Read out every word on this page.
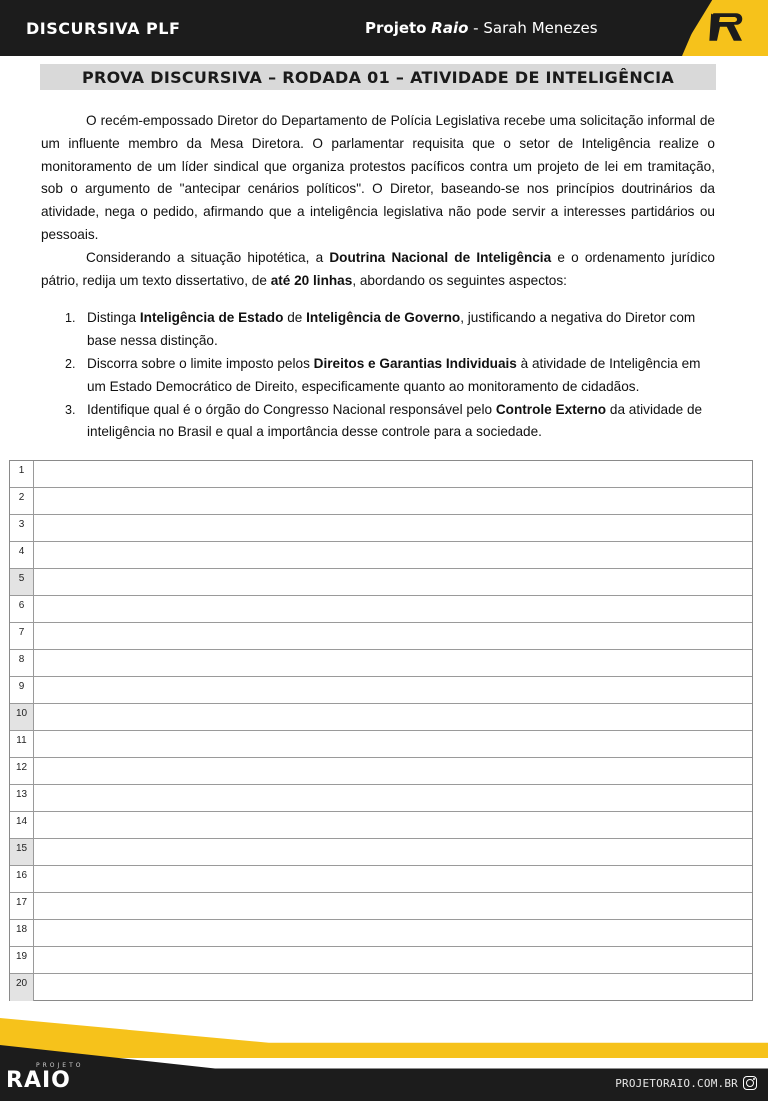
DISCURSIVA PLF	Projeto Raio - Sarah Menezes
PROVA DISCURSIVA – RODADA 01 – ATIVIDADE DE INTELIGÊNCIA

O recém-empossado Diretor do Departamento de Polícia Legislativa recebe uma solicitação informal de um influente membro da Mesa Diretora. O parlamentar requisita que o setor de Inteligência realize o monitoramento de um líder sindical que organiza protestos pacíficos contra um projeto de lei em tramitação, sob o argumento de "antecipar cenários políticos". O Diretor, baseando-se nos princípios doutrinários da atividade, nega o pedido, afirmando que a inteligência legislativa não pode servir a interesses partidários ou pessoais.

Considerando a situação hipotética, a Doutrina Nacional de Inteligência e o ordenamento jurídico pátrio, redija um texto dissertativo, de até 20 linhas, abordando os seguintes aspectos:

1. Distinga Inteligência de Estado de Inteligência de Governo, justificando a negativa do Diretor com base nessa distinção.
2. Discorra sobre o limite imposto pelos Direitos e Garantias Individuais à atividade de Inteligência em um Estado Democrático de Direito, especificamente quanto ao monitoramento de cidadãos.
3. Identifique qual é o órgão do Congresso Nacional responsável pelo Controle Externo da atividade de inteligência no Brasil e qual a importância desse controle para a sociedade.
1
2
3
4
5
6
7
8
9
10
11
12
13
14
15
16
17
18
19
20
PROJETO
RAIO	PROJETORAIO.COM.BR
